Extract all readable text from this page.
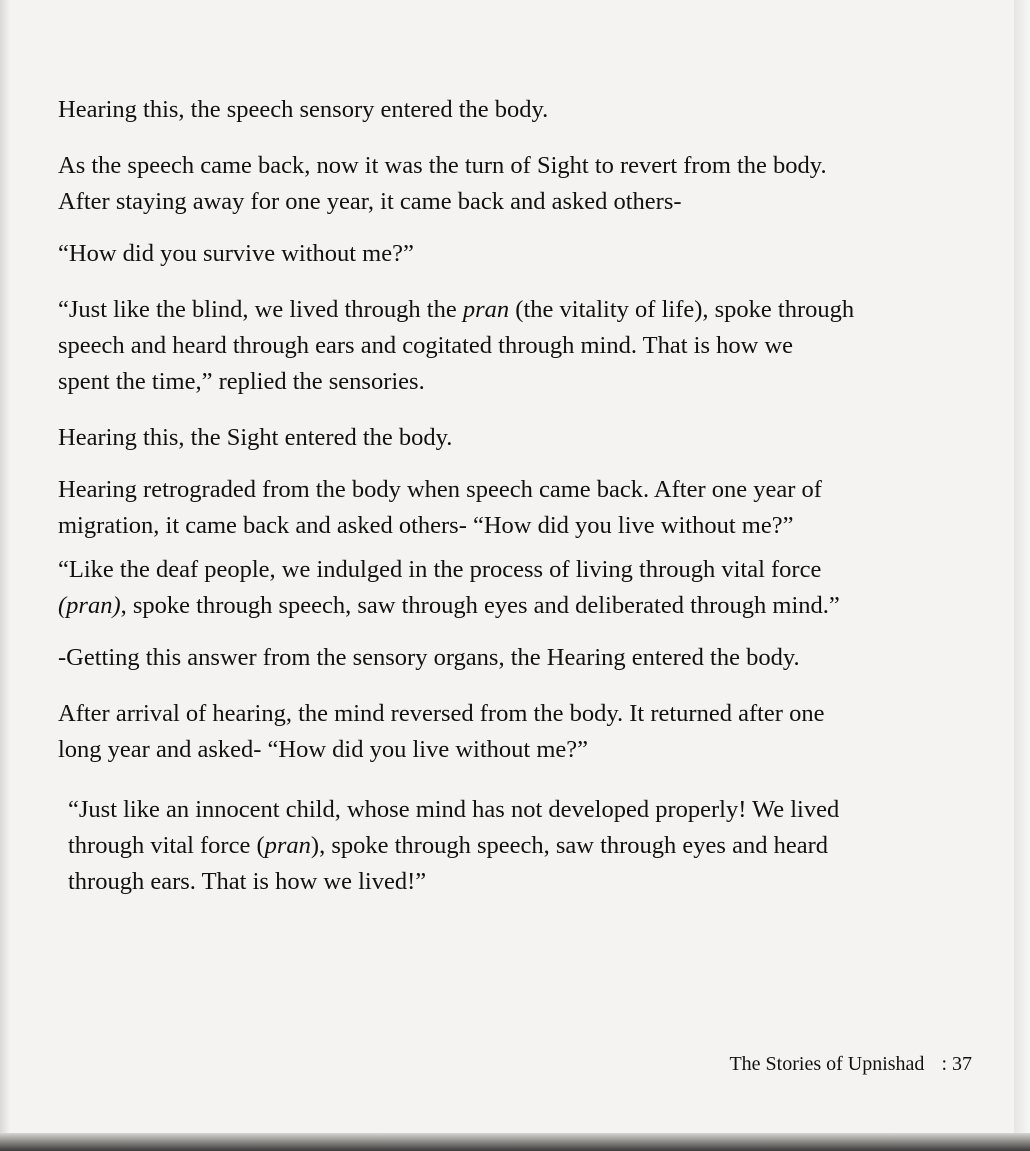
Hearing this, the speech sensory entered the body.

As the speech came back, now it was the turn of Sight to revert from the body.
After staying away for one year, it came back and asked others-

“How did you survive without me?”

“Just like the blind, we lived through the pran (the vitality of life), spoke through
speech and heard through ears and cogitated through mind. That is how we
spent the time,” replied the sensories.

Hearing this, the Sight entered the body.

Hearing retrograded from the body when speech came back. After one year of
migration, it came back and asked others- “How did you live without me?”

“Like the deaf people, we indulged in the process of living through vital force
(pran), spoke through speech, saw through eyes and deliberated through mind.”

-Getting this answer from the sensory organs, the Hearing entered the body.

After arrival of hearing, the mind reversed from the body. It returned after one
long year and asked- “How did you live without me?”

“Just like an innocent child, whose mind has not developed properly! We lived
through vital force (pran), spoke through speech, saw through eyes and heard
through ears. That is how we lived!”

The Stories of Upnishad : 37
